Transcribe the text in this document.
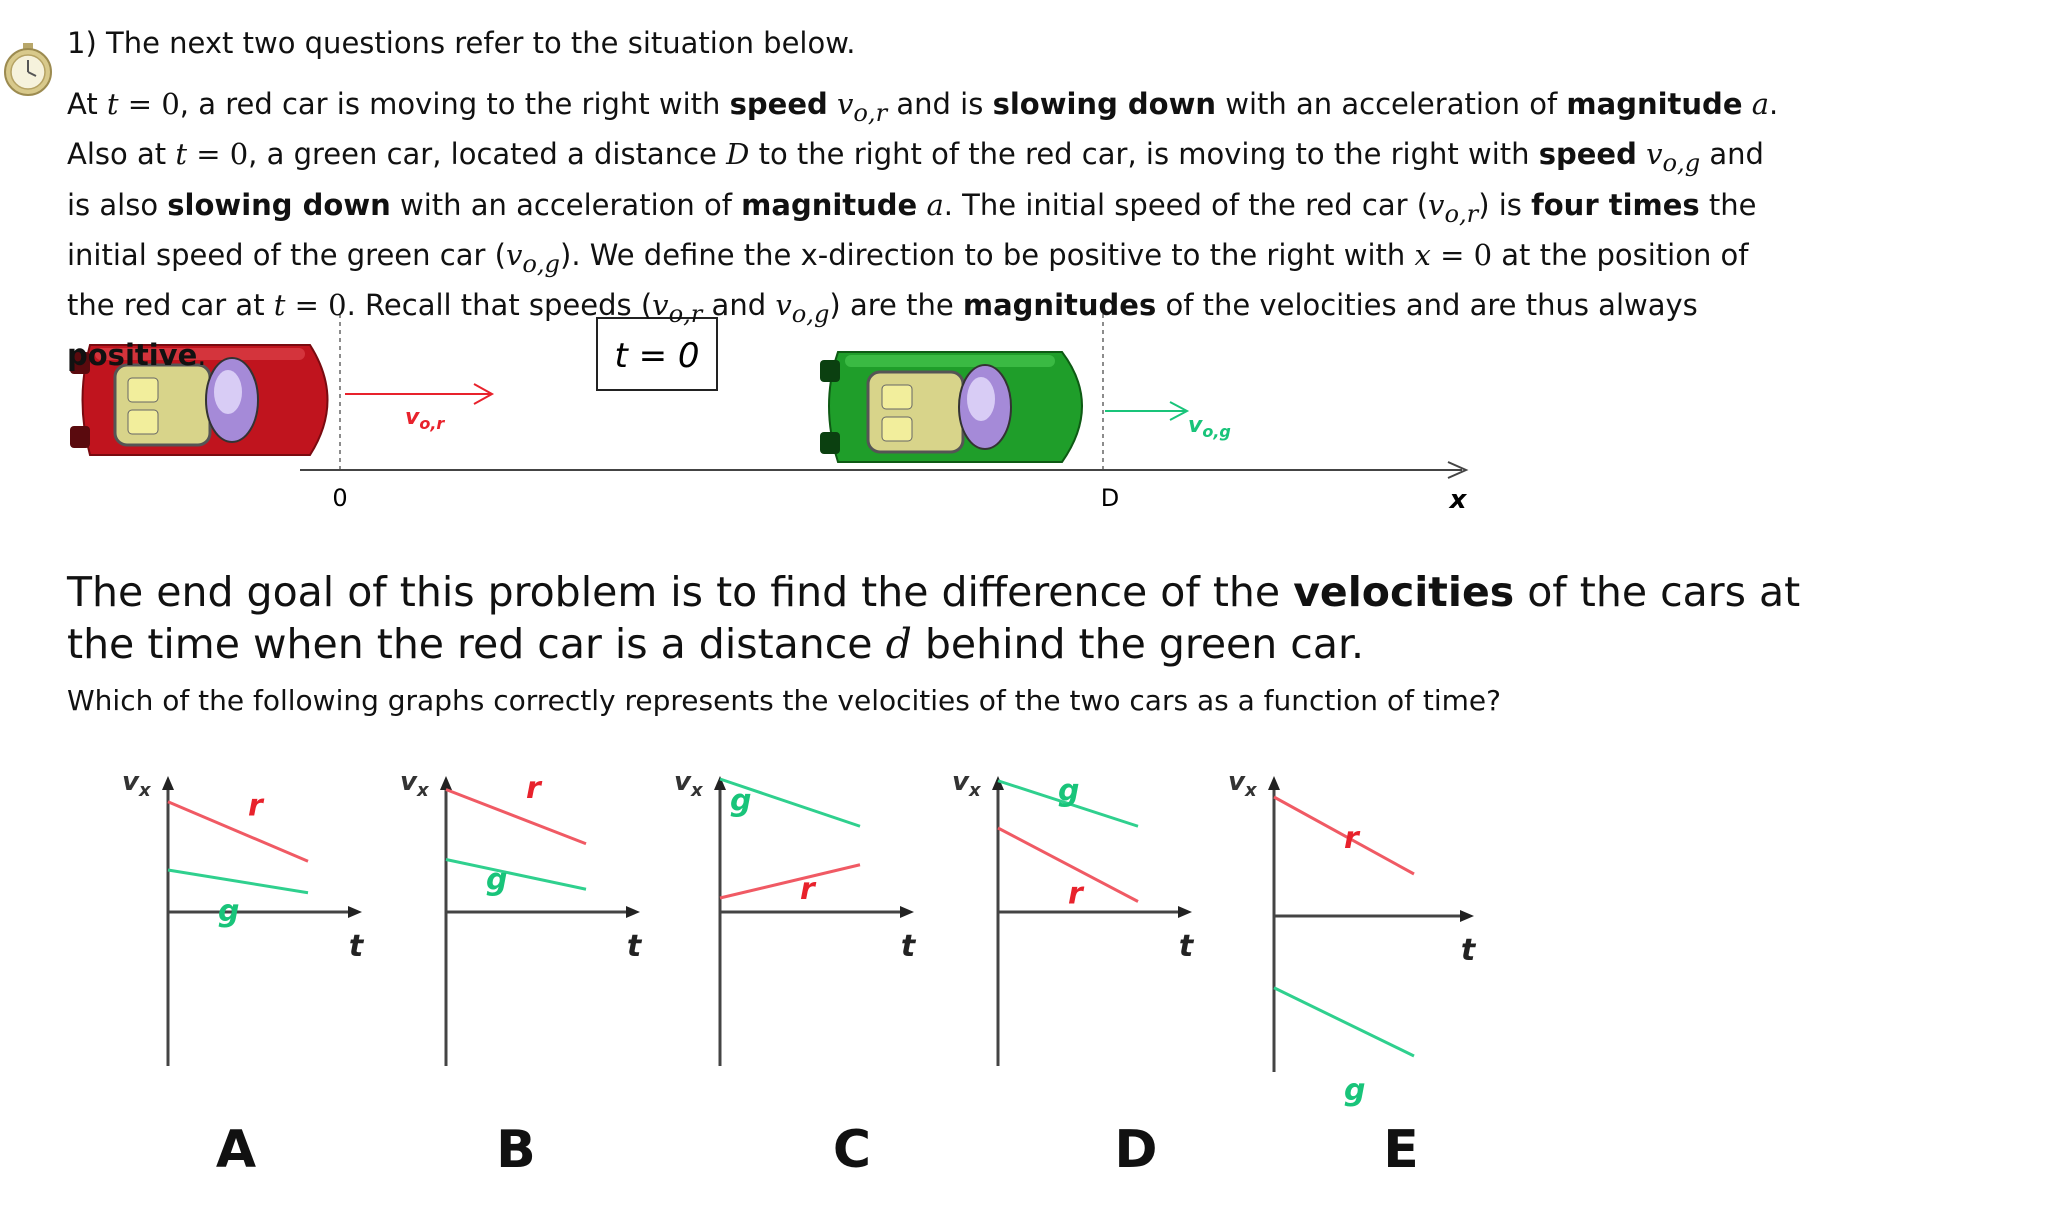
$v_{o,r}$	$v_{o,g}$
t = 0
0	D	x
$v_x$
t
r
g
$v_x$
t
r
g
$v_x$
t
r
g
$v_x$
t
r
g	$v_x$
t
r
g
1) The next two questions refer to the situation below.
At t = 0, a red car is moving to the right with speed $v_{o,r}$ and is slowing down with an acceleration of magnitude a.
Also at t = 0, a green car, located a distance D to the right of the red car, is moving to the right with speed $v_{o,g}$ and is also slowing down with an acceleration of magnitude a. The initial speed of the red car $(v_{o,r})$ is four times the initial speed of the green car $(v_{o,g})$. We define the x-direction to be positive to the right with x = 0 at the position of the red car at t = 0. Recall that speeds ($v_{o,r}$ and $v_{o,g}$) are the magnitudes of the velocities and are thus always positive.
The end goal of this problem is to find the difference of the velocities of the cars at the time when the red car is a distance d behind the green car.
Which of the following graphs correctly represents the velocities of the two cars as a function of time?
A	B	C	D	E
